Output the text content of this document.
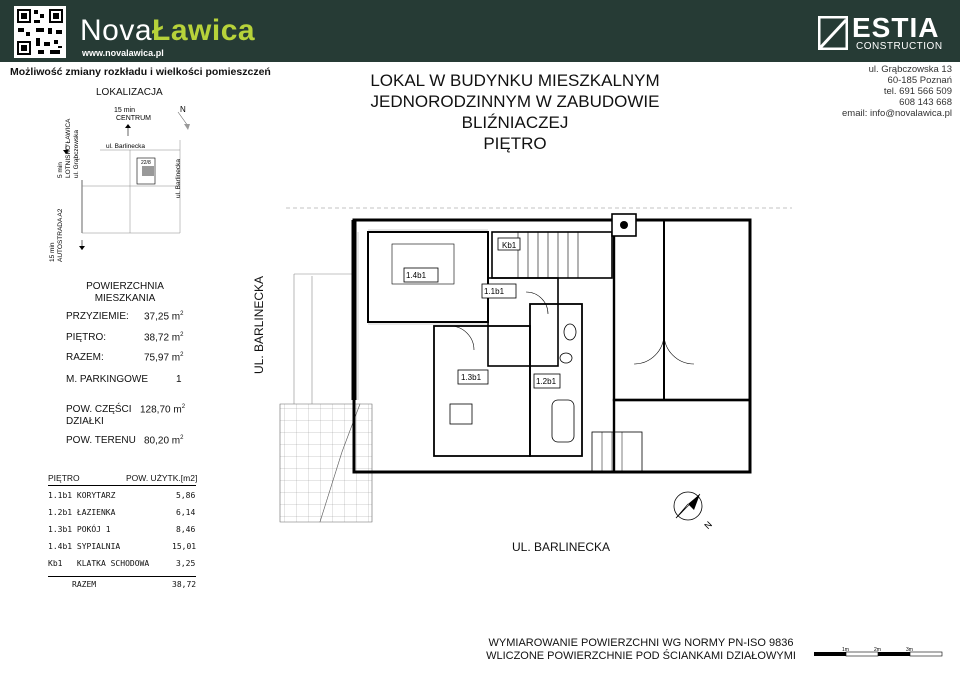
NovaŁawica
www.novalawica.pl
ESTIA
CONSTRUCTION
Możliwość zmiany rozkładu i wielkości pomieszczeń	LOKAL W BUDYNKU MIESZKALNYM
JEDNORODZINNYM W ZABUDOWIE
BLIŹNIACZEJ
PIĘTRO
ul. Grąbczowska 13
60-185 Poznań
tel. 691 566 509
608 143 668
email: info@novalawica.pl
LOKALIZACJA
15 min
CENTRUM
N
ul. Barlinecka
22/8
5 min LOTNISKO ŁAWICA ul. Grąbczowska
ul. Barlinecka
15 min AUTOSTRADA A2
POWIERZCHNIA
MIESZKANIA
PRZYZIEMIE: 37,25 $m^2$
PIĘTRO:	38,72 $m^2$
RAZEM:	75,97 $m^2$
M. PARKINGOWE	1
POW. CZĘŚCI
DZIAŁKI
128,70 $m^2$
POW. TERENU 80,20 $m^2$
PIĘTRO	POW. UŻYTK.[m2]
1.1b1 KORYTARZ	5,86
1.2b1 ŁAZIENKA	6,14
1.3b1 POKÓJ 1	8,46
1.4b1 SYPIALNIA	15,01
Kb1   KLATKA SCHODOWA	3,25
RAZEM	38,72
UL. BARLINECKA
UL. BARLINECKA
1.4b1
Kb1
1.1b1
1.3b1	1.2b1
N
WYMIAROWANIE POWIERZCHNI WG NORMY PN-ISO 9836
WLICZONE POWIERZCHNIE POD ŚCIANKAMI DZIAŁOWYMI	1m	2m	3m
